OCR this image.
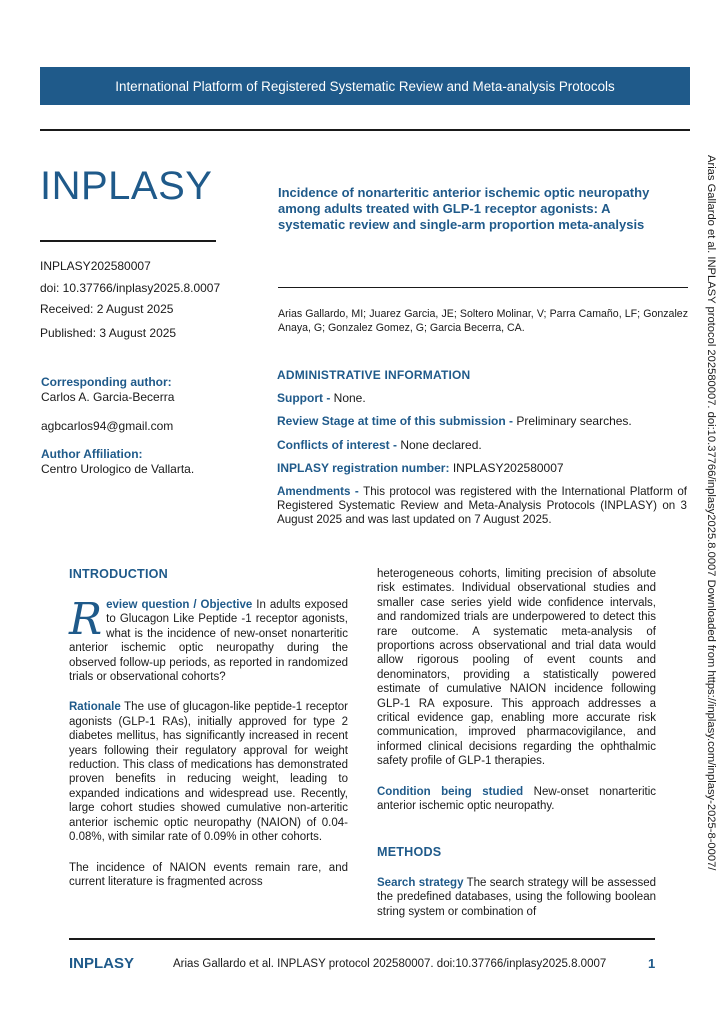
International Platform of Registered Systematic Review and Meta-analysis Protocols
INPLASY
INPLASY202580007
doi: 10.37766/inplasy2025.8.0007
Received: 2 August 2025
Published: 3 August 2025
Corresponding author:
Carlos A. Garcia-Becerra
agbcarlos94@gmail.com
Author Affiliation:
Centro Urologico de Vallarta.
Incidence of nonarteritic anterior ischemic optic neuropathy among adults treated with GLP-1 receptor agonists: A systematic review and single-arm proportion meta-analysis
Arias Gallardo, MI; Juarez Garcia, JE; Soltero Molinar, V; Parra Camaño, LF; Gonzalez Anaya, G; Gonzalez Gomez, G; Garcia Becerra, CA.
ADMINISTRATIVE INFORMATION
Support - None.
Review Stage at time of this submission - Preliminary searches.
Conflicts of interest - None declared.
INPLASY registration number: INPLASY202580007
Amendments - This protocol was registered with the International Platform of Registered Systematic Review and Meta-Analysis Protocols (INPLASY) on 3 August 2025 and was last updated on 7 August 2025.
INTRODUCTION

Review question / Objective In adults exposed to Glucagon Like Peptide -1 receptor agonists, what is the incidence of new-onset nonarteritic anterior ischemic optic neuropathy during the observed follow-up periods, as reported in randomized trials or observational cohorts?

Rationale The use of glucagon-like peptide-1 receptor agonists (GLP-1 RAs), initially approved for type 2 diabetes mellitus, has significantly increased in recent years following their regulatory approval for weight reduction. This class of medications has demonstrated proven benefits in reducing weight, leading to expanded indications and widespread use. Recently, large cohort studies showed cumulative non-arteritic anterior ischemic optic neuropathy (NAION) of 0.04-0.08%, with similar rate of 0.09% in other cohorts.

The incidence of NAION events remain rare, and current literature is fragmented across

heterogeneous cohorts, limiting precision of absolute risk estimates. Individual observational studies and smaller case series yield wide confidence intervals, and randomized trials are underpowered to detect this rare outcome. A systematic meta-analysis of proportions across observational and trial data would allow rigorous pooling of event counts and denominators, providing a statistically powered estimate of cumulative NAION incidence following GLP-1 RA exposure. This approach addresses a critical evidence gap, enabling more accurate risk communication, improved pharmacovigilance, and informed clinical decisions regarding the ophthalmic safety profile of GLP-1 therapies.

Condition being studied New-onset nonarteritic anterior ischemic optic neuropathy.

METHODS
Search strategy The search strategy will be assessed the predefined databases, using the following boolean string system or combination of
Arias Gallardo et al. INPLASY protocol 202580007. doi:10.37766/inplasy2025.8.0007 Downloaded from https://inplasy.com/inplasy-2025-8-0007/
INPLASY	Arias Gallardo et al. INPLASY protocol 202580007. doi:10.37766/inplasy2025.8.0007	1
